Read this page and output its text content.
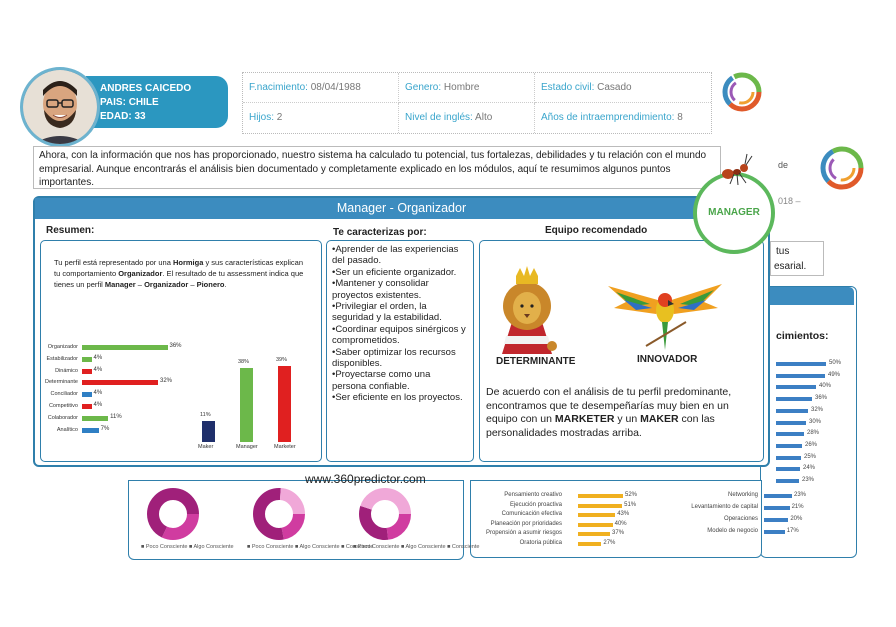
de
018 –
tus
esarial.
cimientos:
50%
49%
40%
36%
32%
30%
28%
26%
25%
24%
23%
Pensamiento creativo	52%
Ejecución proactiva	51%
Comunicación efectiva	43%
Planeación por prioridades	40%
Propensión a asumir riesgos	37%
Oratoria pública	27%
Networking	23%
Levantamiento de capital	21%
Operaciones	20%
Modelo de negocio	17%
■ Poco Consciente ■ Algo Consciente ■ Poco Consciente ■ Algo Consciente ■ Consciente
■ Poco Consciente ■ Algo Consciente ■ Consciente
ANDRES CAICEDO
PAIS: CHILE
EDAD: 33
F.nacimiento: 08/04/1988	Genero: Hombre	Estado civil: Casado
Hijos: 2	Nivel de inglés: Alto	Años de intraemprendimiento: 8
Ahora, con la información que nos has proporcionado, nuestro sistema ha calculado tu potencial, tus fortalezas, debilidades y tu relación con el mundo empresarial. Aunque encontrarás el análisis bien documentado y completamente explicado en los módulos, aquí te resumimos algunos puntos importantes.
Manager - Organizador
Resumen:
Tu perfil está representado por una Hormiga y sus características explican tu comportamiento Organizador. El resultado de tu assessment indica que tienes un perfil Manager – Organizador – Pionero.
Organizador	36%
Estabilizador	4%
Dinámico	4%
Determinante	32%
Conciliador	4%
Competitivo	4%
Colaborador	11%
Analítico	7%
11%
Maker
38%
Manager
39%
Marketer
Te caracterizas por:
•Aprender de las experiencias del pasado.
•Ser un eficiente organizador.
•Mantener y consolidar proyectos existentes.
•Privilegiar el orden, la seguridad y la estabilidad.
•Coordinar equipos sinérgicos y comprometidos.
•Saber optimizar los recursos disponibles.
•Proyectarse como una persona confiable.
•Ser eficiente en los proyectos.
Equipo recomendado
DETERMINANTE	INNOVADOR
De acuerdo con el análisis de tu perfil predominante, encontramos que te desempeñarías muy bien en un equipo con un MARKETER y un MAKER con las personalidades mostradas arriba.
MANAGER
www.360predictor.com
